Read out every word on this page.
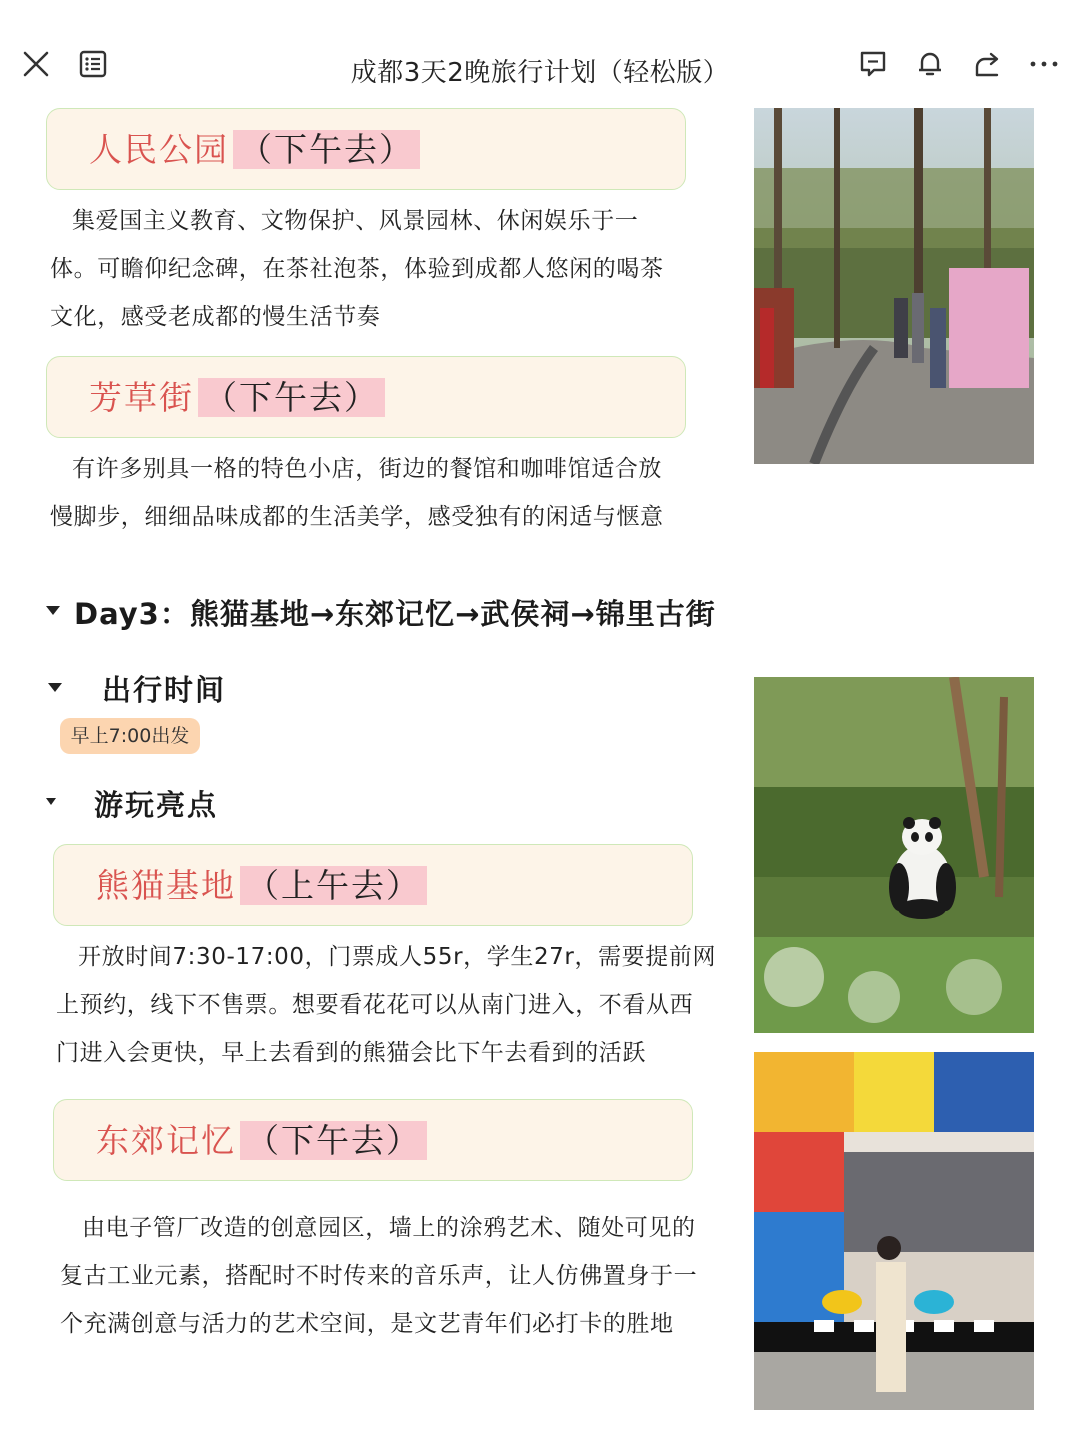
成都3天2晚旅行计划（轻松版）
人民公园 （下午去）

集爱国主义教育、文物保护、风景园林、休闲娱乐于一

体。可瞻仰纪念碑，在茶社泡茶，体验到成都人悠闲的喝茶

文化，感受老成都的慢生活节奏

芳草街 （下午去）

有许多别具一格的特色小店，街边的餐馆和咖啡馆适合放

慢脚步，细细品味成都的生活美学，感受独有的闲适与惬意

Day3：熊猫基地→东郊记忆→武侯祠→锦里古街
出行时间
早上7:00出发
游玩亮点
熊猫基地 （上午去）

开放时间7:30-17:00，门票成人55r，学生27r，需要提前网

上预约，线下不售票。想要看花花可以从南门进入，不看从西

门进入会更快，早上去看到的熊猫会比下午去看到的活跃

东郊记忆 （下午去）

由电子管厂改造的创意园区，墙上的涂鸦艺术、随处可见的

复古工业元素，搭配时不时传来的音乐声，让人仿佛置身于一

个充满创意与活力的艺术空间，是文艺青年们必打卡的胜地
